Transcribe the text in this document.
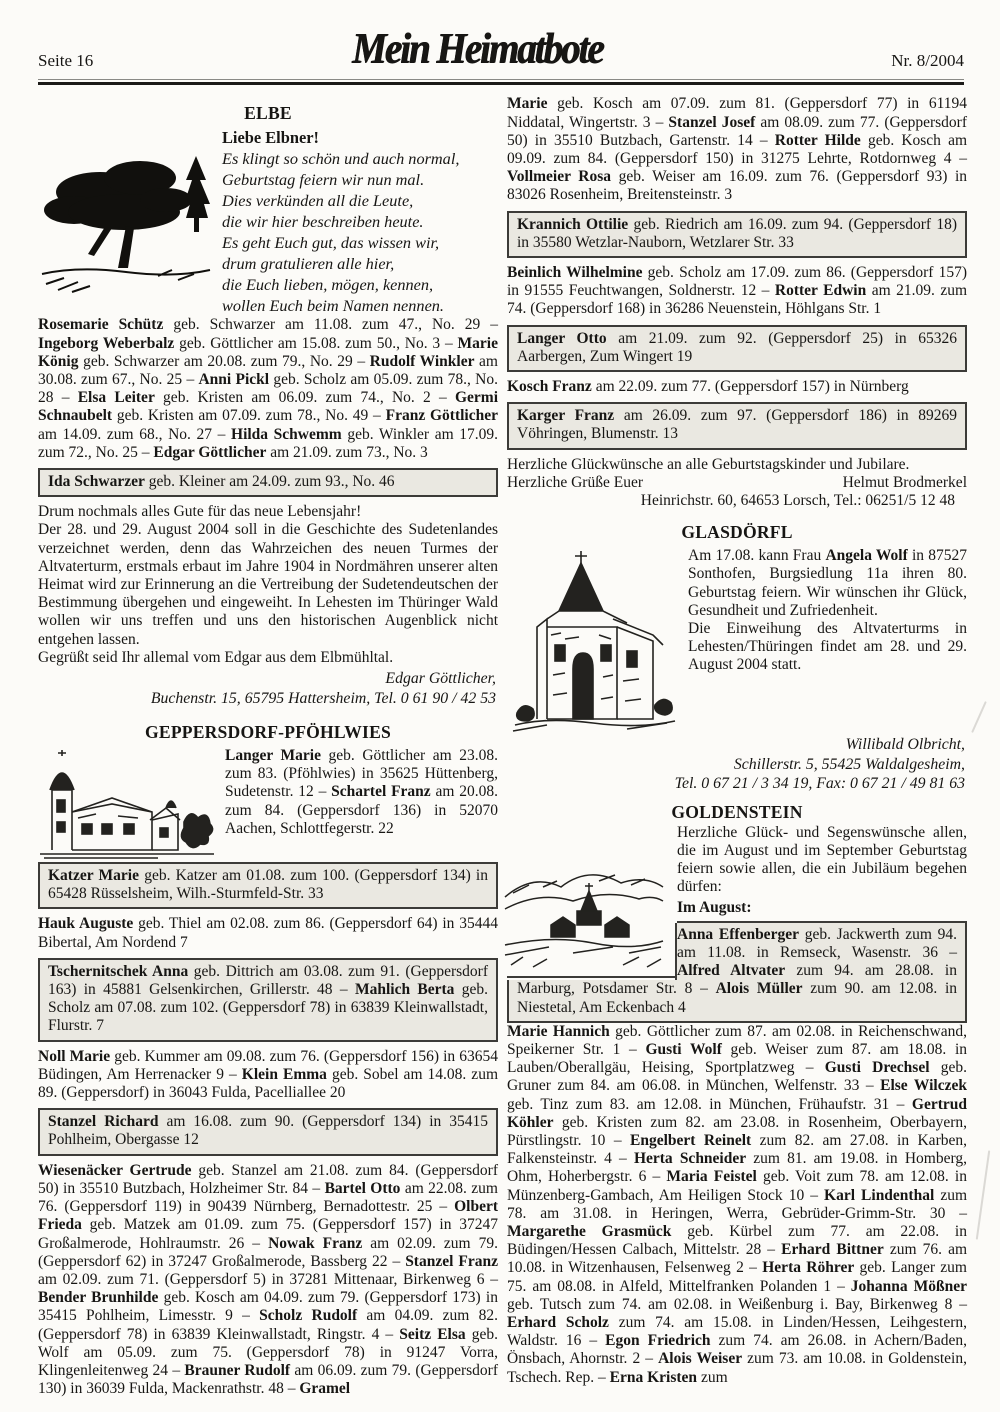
Seite 16	Mein Heimatbote	Nr. 8/2004
ELBE

Liebe Elbner!

Es klingt so schön und auch normal,
Geburtstag feiern wir nun mal.
Dies verkünden all die Leute,
die wir hier beschreiben heute.
Es geht Euch gut, das wissen wir,
drum gratulieren alle hier,
die Euch lieben, mögen, kennen,
wollen Euch beim Namen nennen.

Rosemarie Schütz geb. Schwarzer am 11.08. zum 47., No. 29 – Ingeborg Weberbalz geb. Göttlicher am 15.08. zum 50., No. 3 – Marie König geb. Schwarzer am 20.08. zum 79., No. 29 – Rudolf Winkler am 30.08. zum 67., No. 25 – Anni Pickl geb. Scholz am 05.09. zum 78., No. 28 – Elsa Leiter geb. Kristen am 06.09. zum 74., No. 2 – Germi Schnaubelt geb. Kristen am 07.09. zum 78., No. 49 – Franz Göttlicher am 14.09. zum 68., No. 27 – Hilda Schwemm geb. Winkler am 17.09. zum 72., No. 25 – Edgar Göttlicher am 21.09. zum 73., No. 3

Ida Schwarzer geb. Kleiner am 24.09. zum 93., No. 46

Drum nochmals alles Gute für das neue Lebensjahr!

Der 28. und 29. August 2004 soll in die Geschichte des Sudetenlandes verzeichnet werden, denn das Wahrzeichen des neuen Turmes der Altvaterturm, erstmals erbaut im Jahre 1904 in Nordmähren unserer alten Heimat wird zur Erinnerung an die Vertreibung der Sudetendeutschen der Bestimmung übergehen und eingeweiht. In Lehesten im Thüringer Wald wollen wir uns treffen und uns den historischen Augenblick nicht entgehen lassen.

Gegrüßt seid Ihr allemal vom Edgar aus dem Elbmühltal.

Edgar Göttlicher,
Buchenstr. 15, 65795 Hattersheim, Tel. 0 61 90 / 42 53
GEPPERSDORF-PFÖHLWIES

Langer Marie geb. Göttlicher am 23.08. zum 83. (Pföhlwies) in 35625 Hüttenberg, Sudetenstr. 12 – Schartel Franz am 20.08. zum 84. (Geppersdorf 136) in 52070 Aachen, Schlottfegerstr. 22

Katzer Marie geb. Katzer am 01.08. zum 100. (Geppersdorf 134) in 65428 Rüsselsheim, Wilh.-Sturmfeld-Str. 33

Hauk Auguste geb. Thiel am 02.08. zum 86. (Geppersdorf 64) in 35444 Bibertal, Am Nordend 7

Tschernitschek Anna geb. Dittrich am 03.08. zum 91. (Geppersdorf 163) in 45881 Gelsenkirchen, Grillerstr. 48 – Mahlich Berta geb. Scholz am 07.08. zum 102. (Geppersdorf 78) in 63839 Kleinwallstadt, Flurstr. 7

Noll Marie geb. Kummer am 09.08. zum 76. (Geppersdorf 156) in 63654 Büdingen, Am Herrenacker 9 – Klein Emma geb. Sobel am 14.08. zum 89. (Geppersdorf) in 36043 Fulda, Pacelliallee 20

Stanzel Richard am 16.08. zum 90. (Geppersdorf 134) in 35415 Pohlheim, Obergasse 12

Wiesenäcker Gertrude geb. Stanzel am 21.08. zum 84. (Geppersdorf 50) in 35510 Butzbach, Holzheimer Str. 84 – Bartel Otto am 22.08. zum 76. (Geppersdorf 119) in 90439 Nürnberg, Bernadottestr. 25 – Olbert Frieda geb. Matzek am 01.09. zum 75. (Geppersdorf 157) in 37247 Großalmerode, Hohlraumstr. 26 – Nowak Franz am 02.09. zum 79. (Geppersdorf 62) in 37247 Großalmerode, Bassberg 22 – Stanzel Franz am 02.09. zum 71. (Geppersdorf 5) in 37281 Mittenaar, Birkenweg 6 – Bender Brunhilde geb. Kosch am 04.09. zum 79. (Geppersdorf 173) in 35415 Pohlheim, Limesstr. 9 – Scholz Rudolf am 04.09. zum 82. (Geppersdorf 78) in 63839 Kleinwallstadt, Ringstr. 4 – Seitz Elsa geb. Wolf am 05.09. zum 75. (Geppersdorf 78) in 91247 Vorra, Klingenleitenweg 24 – Brauner Rudolf am 06.09. zum 79. (Geppersdorf 130) in 36039 Fulda, Mackenrathstr. 48 – Gramel

Marie geb. Kosch am 07.09. zum 81. (Geppersdorf 77) in 61194 Niddatal, Wingertstr. 3 – Stanzel Josef am 08.09. zum 77. (Geppersdorf 50) in 35510 Butzbach, Gartenstr. 14 – Rotter Hilde geb. Kosch am 09.09. zum 84. (Geppersdorf 150) in 31275 Lehrte, Rotdornweg 4 – Vollmeier Rosa geb. Weiser am 16.09. zum 76. (Geppersdorf 93) in 83026 Rosenheim, Breitensteinstr. 3

Krannich Ottilie geb. Riedrich am 16.09. zum 94. (Geppersdorf 18) in 35580 Wetzlar-Nauborn, Wetzlarer Str. 33

Beinlich Wilhelmine geb. Scholz am 17.09. zum 86. (Geppersdorf 157) in 91555 Feuchtwangen, Soldnerstr. 12 – Rotter Edwin am 21.09. zum 74. (Geppersdorf 168) in 36286 Neuenstein, Höhlgans Str. 1

Langer Otto am 21.09. zum 92. (Geppersdorf 25) in 65326 Aarbergen, Zum Wingert 19

Kosch Franz am 22.09. zum 77. (Geppersdorf 157) in Nürnberg

Karger Franz am 26.09. zum 97. (Geppersdorf 186) in 89269 Vöhringen, Blumenstr. 13

Herzliche Glückwünsche an alle Geburtstagskinder und Jubilare.

Herzliche Grüße Euer	Helmut Brodmerkel
Heinrichstr. 60, 64653 Lorsch, Tel.: 06251/5 12 48
GLASDÖRFL

Am 17.08. kann Frau Angela Wolf in 87527 Sonthofen, Burgsiedlung 11a ihren 80. Geburtstag feiern. Wir wünschen ihr Glück, Gesundheit und Zufriedenheit.

Die Einweihung des Altvaterturms in Lehesten/Thüringen findet am 28. und 29. August 2004 statt.

Willibald Olbricht,
Schillerstr. 5, 55425 Waldalgesheim,
Tel. 0 67 21 / 3 34 19, Fax: 0 67 21 / 49 81 63
GOLDENSTEIN

Herzliche Glück- und Segenswünsche allen, die im August und im September Geburtstag feiern sowie allen, die ein Jubiläum begehen dürfen:

Im August:

Anna Effenberger geb. Jackwerth zum 94. am 11.08. in Remseck, Wasenstr. 36 – Alfred Altvater zum 94. am 28.08. in Marburg, Potsdamer Str. 8 – Alois Müller zum 90. am 12.08. in Niestetal, Am Eckenbach 4

Marie Hannich geb. Göttlicher zum 87. am 02.08. in Reichenschwand, Speikerner Str. 1 – Gusti Wolf geb. Weiser zum 87. am 18.08. in Lauben/Oberallgäu, Heising, Sportplatzweg – Gusti Drechsel geb. Gruner zum 84. am 06.08. in München, Welfenstr. 33 – Else Wilczek geb. Tinz zum 83. am 12.08. in München, Frühaufstr. 31 – Gertrud Köhler geb. Kristen zum 82. am 23.08. in Rosenheim, Oberbayern, Pürstlingstr. 10 – Engelbert Reinelt zum 82. am 27.08. in Karben, Falkensteinstr. 4 – Herta Schneider zum 81. am 19.08. in Homberg, Ohm, Hoherbergstr. 6 – Maria Feistel geb. Voit zum 78. am 12.08. in Münzenberg-Gambach, Am Heiligen Stock 10 – Karl Lindenthal zum 78. am 31.08. in Heringen, Werra, Gebrüder-Grimm-Str. 30 – Margarethe Grasmück geb. Kürbel zum 77. am 22.08. in Büdingen/Hessen Calbach, Mittelstr. 28 – Erhard Bittner zum 76. am 10.08. in Witzenhausen, Felsenweg 2 – Herta Röhrer geb. Langer zum 75. am 08.08. in Alfeld, Mittelfranken Polanden 1 – Johanna Mößner geb. Tutsch zum 74. am 02.08. in Weißenburg i. Bay, Birkenweg 8 – Erhard Scholz zum 74. am 15.08. in Linden/Hessen, Leihgestern, Waldstr. 16 – Egon Friedrich zum 74. am 26.08. in Achern/Baden, Önsbach, Ahornstr. 2 – Alois Weiser zum 73. am 10.08. in Goldenstein, Tschech. Rep. – Erna Kristen zum
